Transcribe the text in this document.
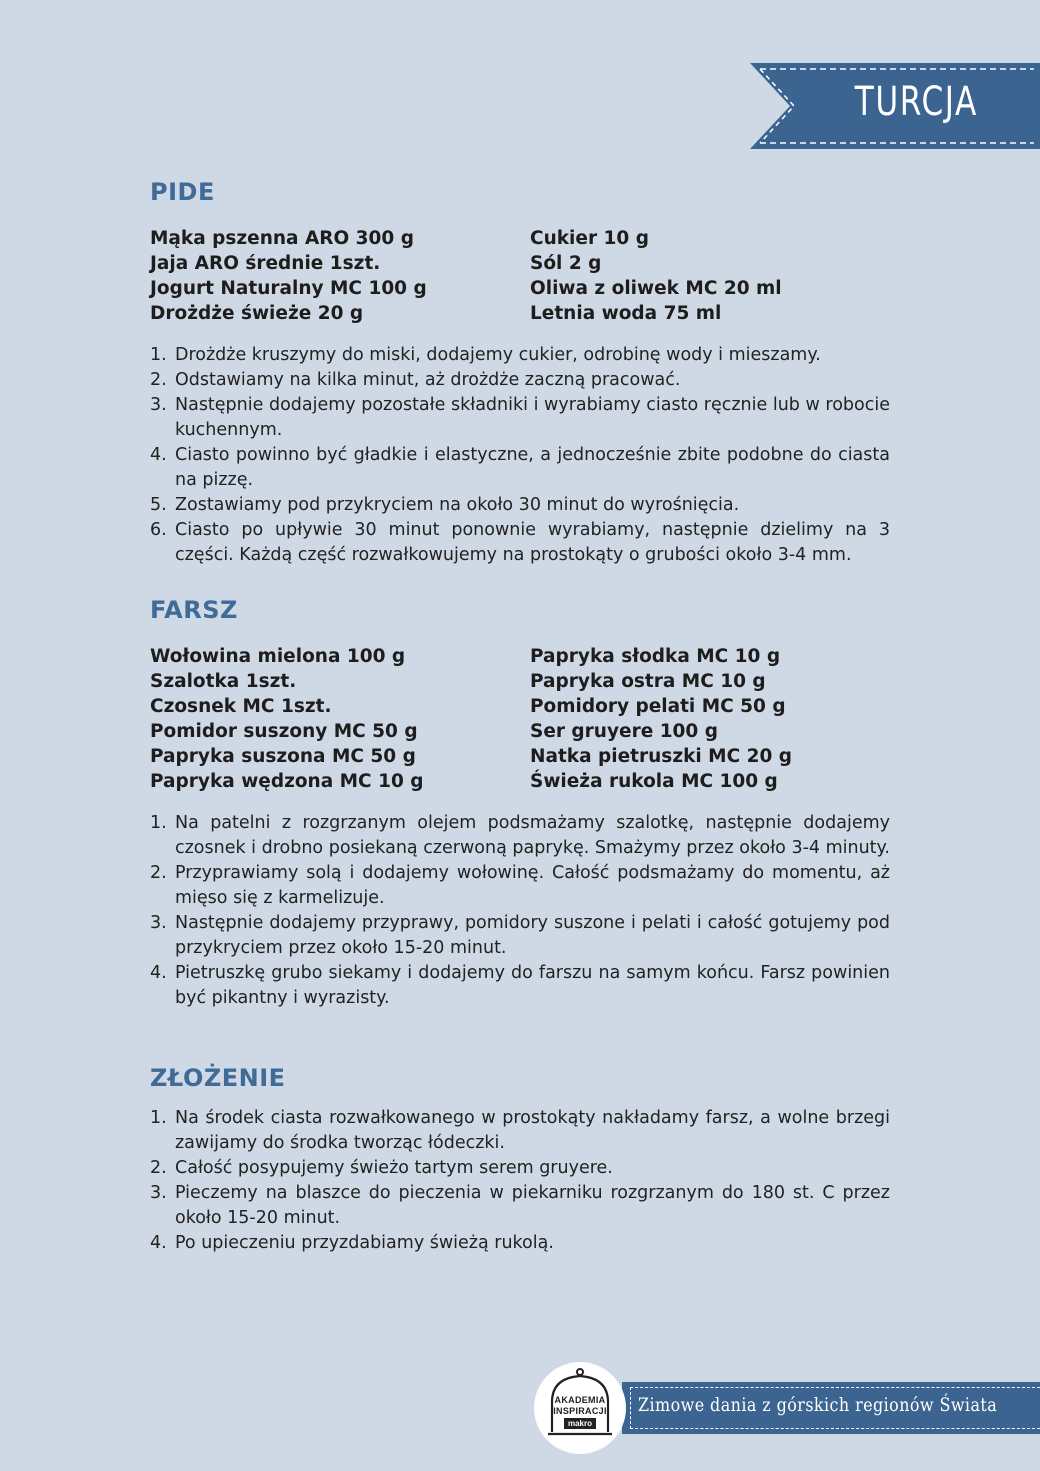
TURCJA
PIDE
Mąka pszenna ARO 300 g
Jaja ARO średnie 1szt.
Jogurt Naturalny MC 100 g
Drożdże świeże 20 g
Cukier 10 g
Sól 2 g
Oliwa z oliwek MC 20 ml
Letnia woda 75 ml
1. Drożdże kruszymy do miski, dodajemy cukier, odrobinę wody i mieszamy.
2. Odstawiamy na kilka minut, aż drożdże zaczną pracować.
3. Następnie dodajemy pozostałe składniki i wyrabiamy ciasto ręcznie lub w robocie kuchennym.
4. Ciasto powinno być gładkie i elastyczne, a jednocześnie zbite podobne do ciasta na pizzę.
5. Zostawiamy pod przykryciem na około 30 minut do wyrośnięcia.
6. Ciasto po upływie 30 minut ponownie wyrabiamy, następnie dzielimy na 3 części. Każdą część rozwałkowujemy na prostokąty o grubości około 3-4 mm.
FARSZ
Wołowina mielona 100 g
Szalotka 1szt.
Czosnek MC 1szt.
Pomidor suszony MC 50 g
Papryka suszona MC 50 g
Papryka wędzona MC 10 g
Papryka słodka MC 10 g
Papryka ostra MC 10 g
Pomidory pelati MC 50 g
Ser gruyere 100 g
Natka pietruszki MC 20 g
Świeża rukola MC 100 g
1. Na patelni z rozgrzanym olejem podsmażamy szalotkę, następnie dodajemy czosnek i drobno posiekaną czerwoną paprykę. Smażymy przez około 3-4 minuty.
2. Przyprawiamy solą i dodajemy wołowinę. Całość podsmażamy do momentu, aż mięso się z karmelizuje.
3. Następnie dodajemy przyprawy, pomidory suszone i pelati i całość gotujemy pod przykryciem przez około 15-20 minut.
4. Pietruszkę grubo siekamy i dodajemy do farszu na samym końcu. Farsz powinien być pikantny i wyrazisty.
ZŁOŻENIE
1. Na środek ciasta rozwałkowanego w prostokąty nakładamy farsz, a wolne brzegi zawijamy do środka tworząc łódeczki.
2. Całość posypujemy świeżo tartym serem gruyere.
3. Pieczemy na blaszce do pieczenia w piekarniku rozgrzanym do 180 st. C przez około 15-20 minut.
4. Po upieczeniu przyzdabiamy świeżą rukolą.
Zimowe dania z górskich regionów Świata
AKADEMIA
INSPIRACJI
makro
